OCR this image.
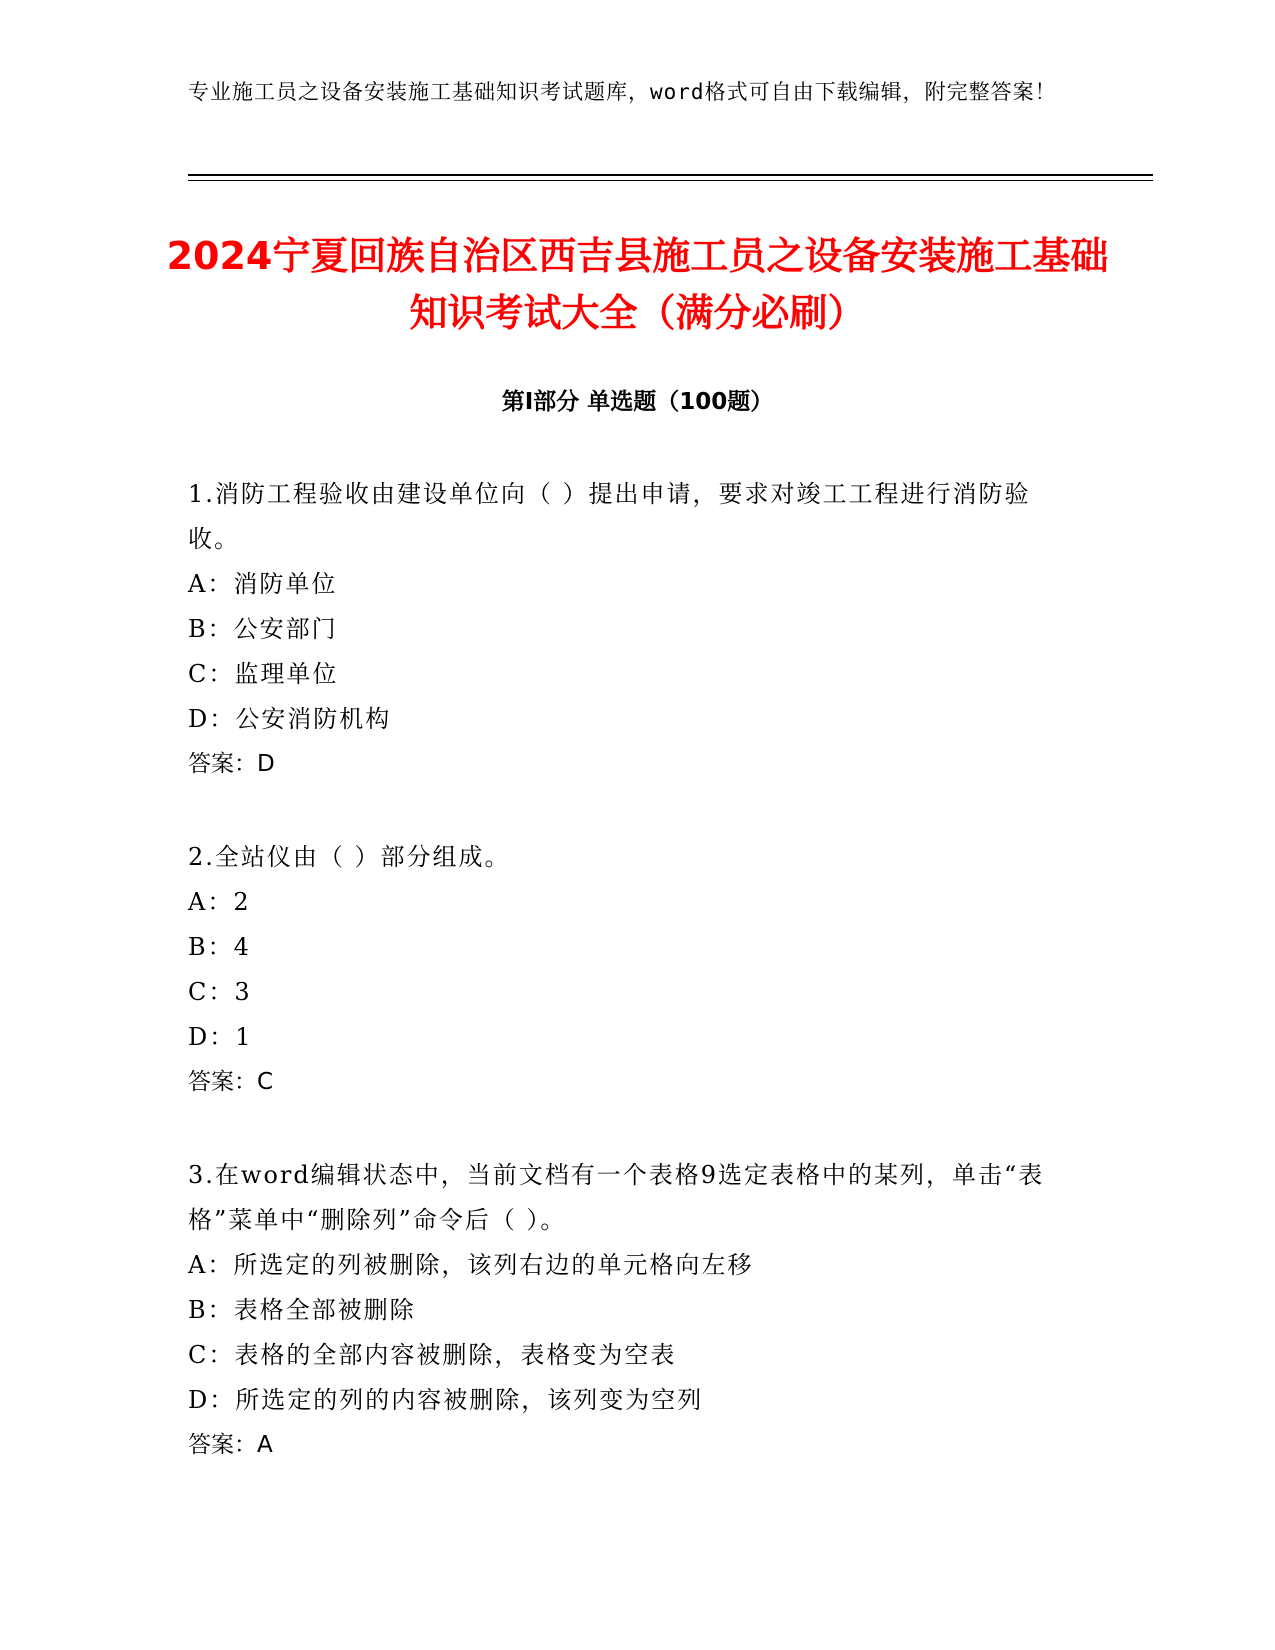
专业施工员之设备安装施工基础知识考试题库，word格式可自由下载编辑，附完整答案！
2024宁夏回族自治区西吉县施工员之设备安装施工基础知识考试大全（满分必刷）
第Ⅰ部分 单选题（100题）
1.消防工程验收由建设单位向（ ）提出申请，要求对竣工工程进行消防验收。
A：消防单位
B：公安部门
C：监理单位
D：公安消防机构
答案：D
2.全站仪由（ ）部分组成。
A：2
B：4
C：3
D：1
答案：C
3.在word编辑状态中，当前文档有一个表格9选定表格中的某列，单击“表格”菜单中“删除列”命令后（ ）。
A：所选定的列被删除，该列右边的单元格向左移
B：表格全部被删除
C：表格的全部内容被删除，表格变为空表
D：所选定的列的内容被删除，该列变为空列
答案：A
